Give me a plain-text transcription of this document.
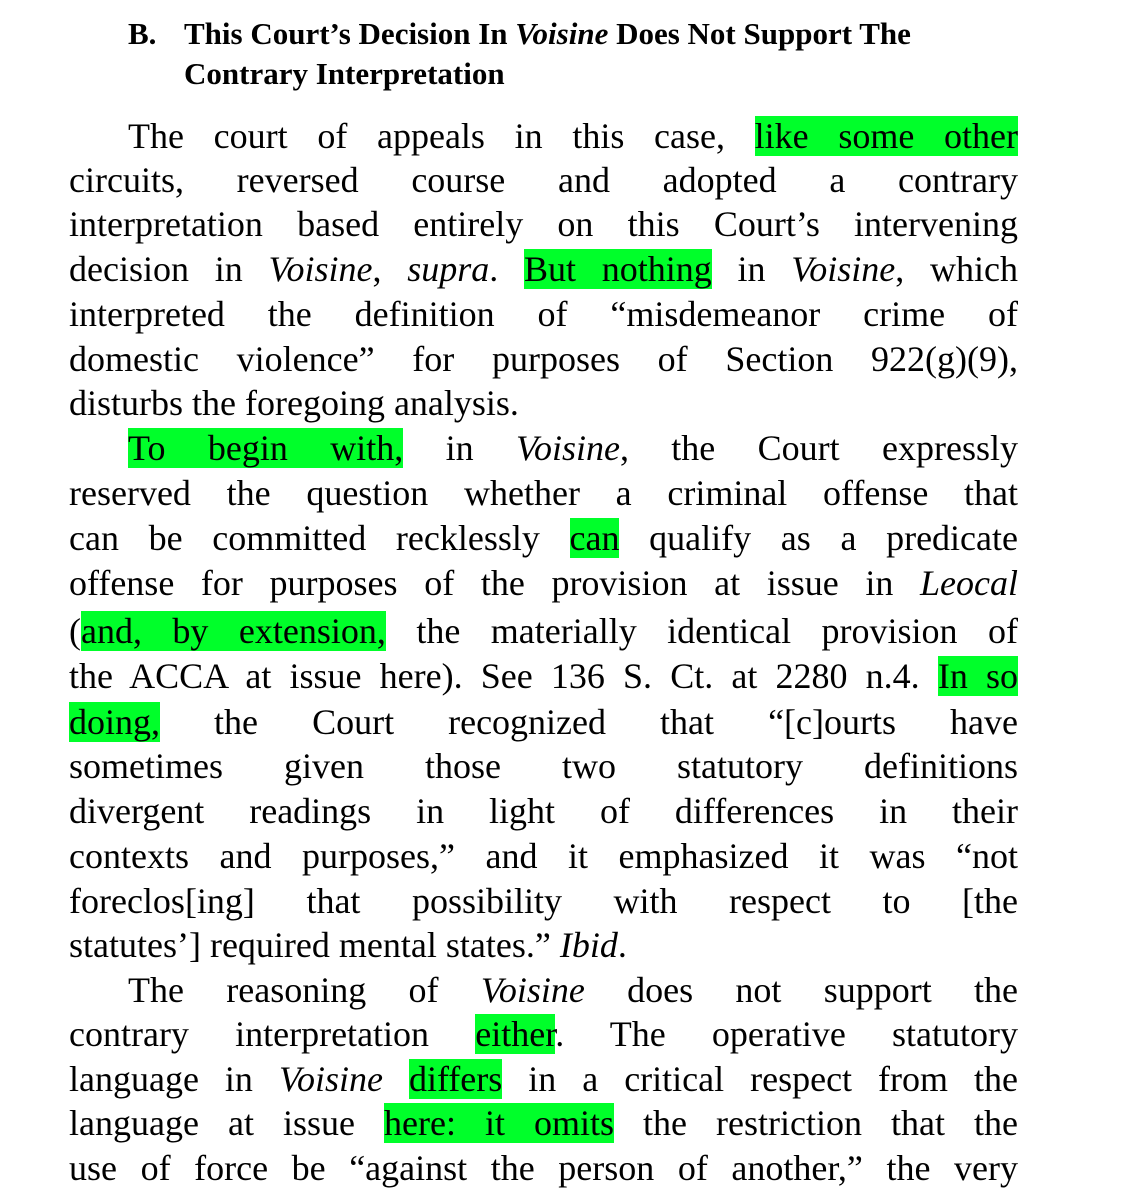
B. This Court’s Decision In Voisine Does Not Support The
Contrary Interpretation
The court of appeals in this case, like some other
circuits, reversed course and adopted a contrary
interpretation based entirely on this Court’s intervening
decision in Voisine, supra. But nothing in Voisine, which
interpreted the definition of “misdemeanor crime of
domestic violence” for purposes of Section 922(g)(9),
disturbs the foregoing analysis.
To begin with, in Voisine, the Court expressly
reserved the question whether a criminal offense that
can be committed recklessly can qualify as a predicate
offense for purposes of the provision at issue in Leocal
(and, by extension, the materially identical provision of
the ACCA at issue here). See 136 S. Ct. at 2280 n.4. In so
doing, the Court recognized that “[c]ourts have
sometimes given those two statutory definitions
divergent readings in light of differences in their
contexts and purposes,” and it emphasized it was “not
foreclos[ing] that possibility with respect to [the
statutes’] required mental states.” Ibid.
The reasoning of Voisine does not support the
contrary interpretation either. The operative statutory
language in Voisine differs in a critical respect from the
language at issue here: it omits the restriction that the
use of force be “against the person of another,” the very
